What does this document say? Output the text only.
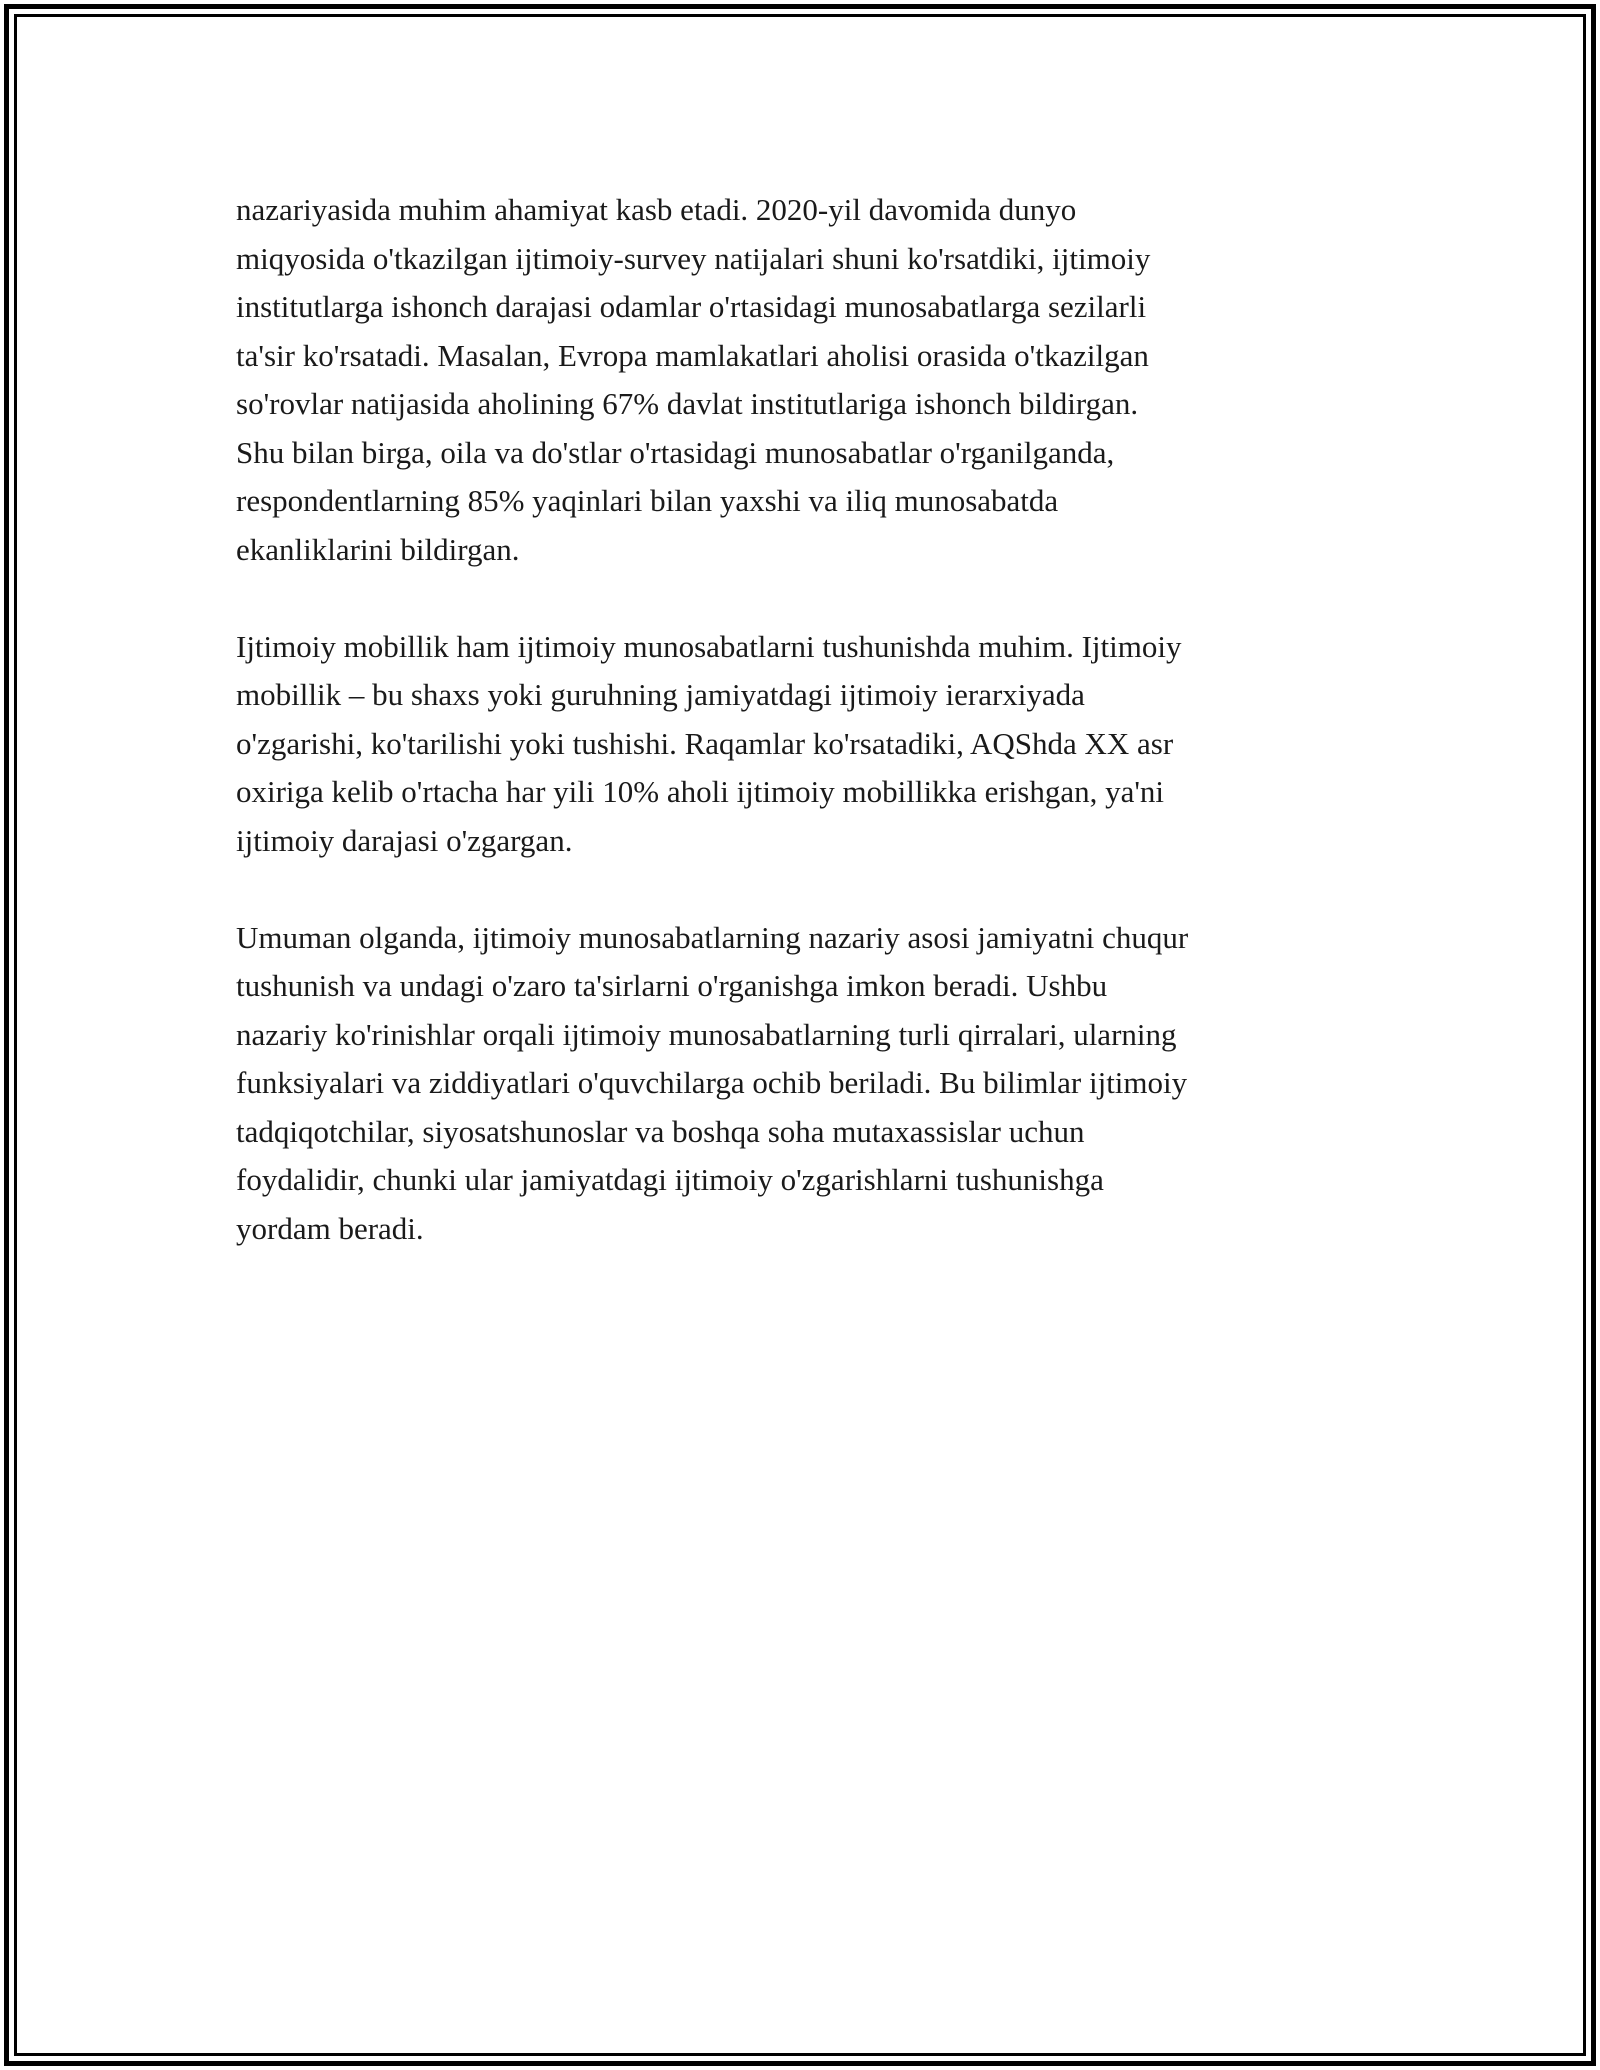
nazariyasida muhim ahamiyat kasb etadi. 2020-yil davomida dunyo
miqyosida o'tkazilgan ijtimoiy-survey natijalari shuni ko'rsatdiki, ijtimoiy
institutlarga ishonch darajasi odamlar o'rtasidagi munosabatlarga sezilarli
ta'sir ko'rsatadi. Masalan, Evropa mamlakatlari aholisi orasida o'tkazilgan
so'rovlar natijasida aholining 67% davlat institutlariga ishonch bildirgan.
Shu bilan birga, oila va do'stlar o'rtasidagi munosabatlar o'rganilganda,
respondentlarning 85% yaqinlari bilan yaxshi va iliq munosabatda
ekanliklarini bildirgan.

Ijtimoiy mobillik ham ijtimoiy munosabatlarni tushunishda muhim. Ijtimoiy
mobillik – bu shaxs yoki guruhning jamiyatdagi ijtimoiy ierarxiyada
o'zgarishi, ko'tarilishi yoki tushishi. Raqamlar ko'rsatadiki, AQShda XX asr
oxiriga kelib o'rtacha har yili 10% aholi ijtimoiy mobillikka erishgan, ya'ni
ijtimoiy darajasi o'zgargan.

Umuman olganda, ijtimoiy munosabatlarning nazariy asosi jamiyatni chuqur
tushunish va undagi o'zaro ta'sirlarni o'rganishga imkon beradi. Ushbu
nazariy ko'rinishlar orqali ijtimoiy munosabatlarning turli qirralari, ularning
funksiyalari va ziddiyatlari o'quvchilarga ochib beriladi. Bu bilimlar ijtimoiy
tadqiqotchilar, siyosatshunoslar va boshqa soha mutaxassislar uchun
foydalidir, chunki ular jamiyatdagi ijtimoiy o'zgarishlarni tushunishga
yordam beradi.
